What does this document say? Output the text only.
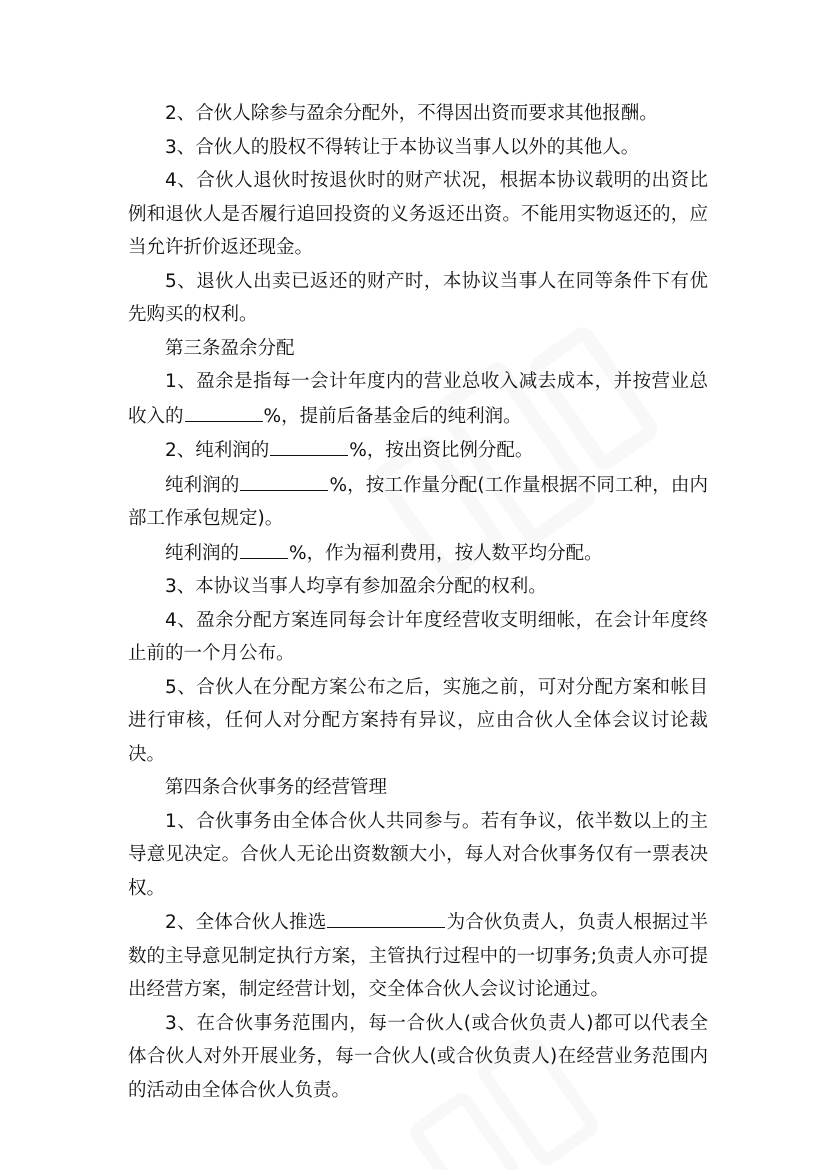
2、合伙人除参与盈余分配外，不得因出资而要求其他报酬。

3、合伙人的股权不得转让于本协议当事人以外的其他人。

4、合伙人退伙时按退伙时的财产状况，根据本协议载明的出资比例和退伙人是否履行追回投资的义务返还出资。不能用实物返还的，应当允许折价返还现金。

5、退伙人出卖已返还的财产时，本协议当事人在同等条件下有优先购买的权利。

第三条盈余分配

1、盈余是指每一会计年度内的营业总收入减去成本，并按营业总收入的	%，提前后备基金后的纯利润。

2、纯利润的	%，按出资比例分配。

纯利润的	%，按工作量分配(工作量根据不同工种，由内部工作承包规定)。

纯利润的	%，作为福利费用，按人数平均分配。

3、本协议当事人均享有参加盈余分配的权利。

4、盈余分配方案连同每会计年度经营收支明细帐，在会计年度终止前的一个月公布。

5、合伙人在分配方案公布之后，实施之前，可对分配方案和帐目进行审核，任何人对分配方案持有异议，应由合伙人全体会议讨论裁决。

第四条合伙事务的经营管理

1、合伙事务由全体合伙人共同参与。若有争议，依半数以上的主导意见决定。合伙人无论出资数额大小，每人对合伙事务仅有一票表决权。

2、全体合伙人推选	为合伙负责人，负责人根据过半数的主导意见制定执行方案，主管执行过程中的一切事务;负责人亦可提出经营方案，制定经营计划，交全体合伙人会议讨论通过。

3、在合伙事务范围内，每一合伙人(或合伙负责人)都可以代表全体合伙人对外开展业务，每一合伙人(或合伙负责人)在经营业务范围内的活动由全体合伙人负责。
